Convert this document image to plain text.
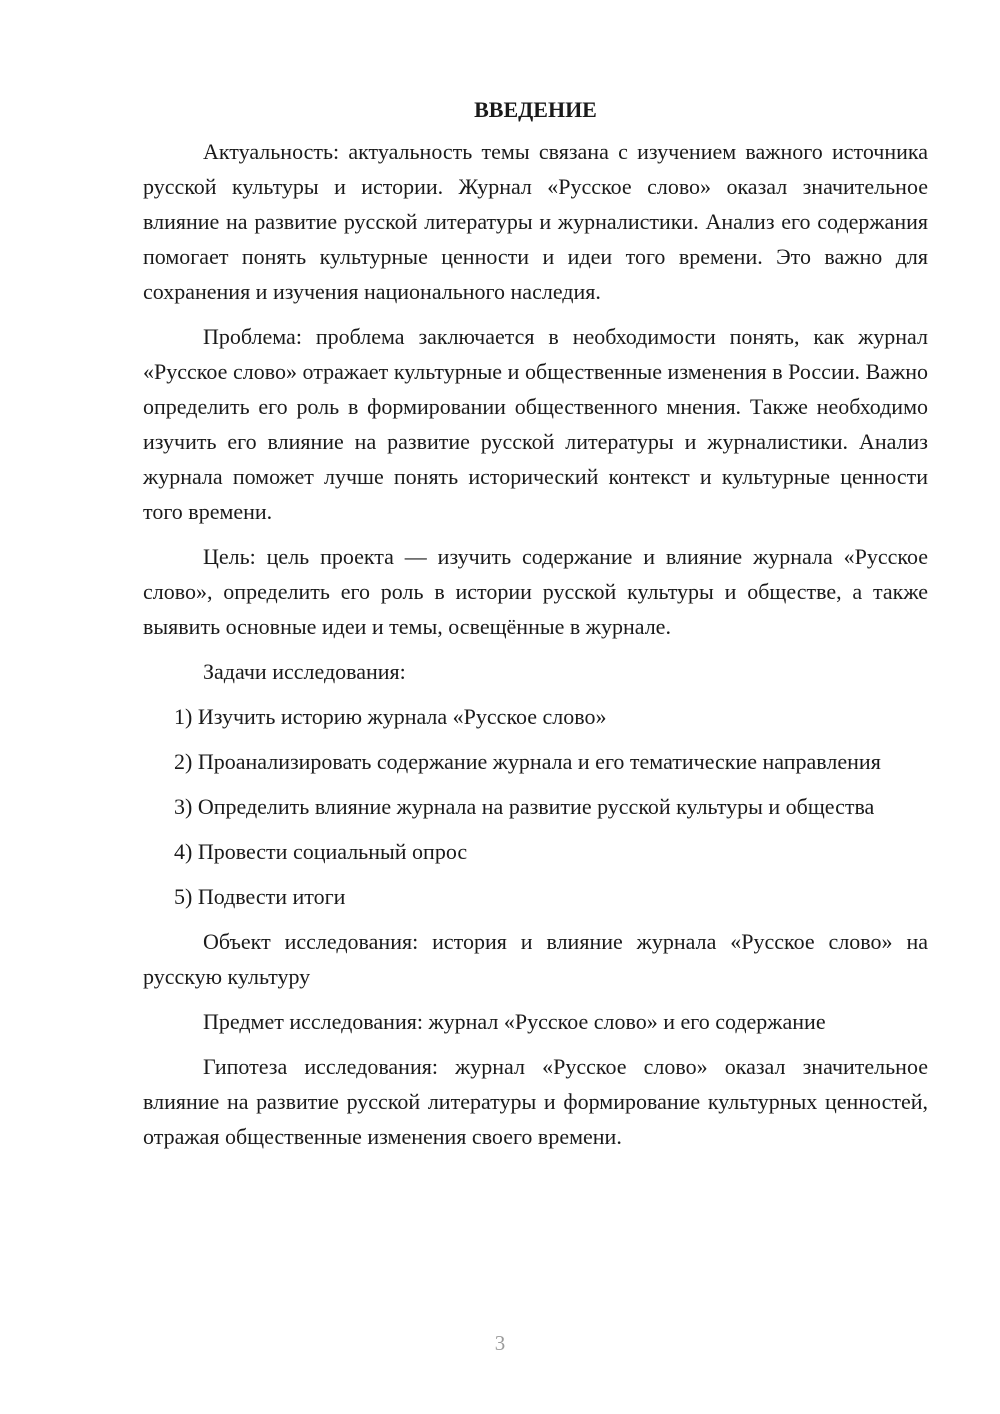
ВВЕДЕНИЕ

Актуальность: актуальность темы связана с изучением важного источника русской культуры и истории. Журнал «Русское слово» оказал значительное влияние на развитие русской литературы и журналистики. Анализ его содержания помогает понять культурные ценности и идеи того времени. Это важно для сохранения и изучения национального наследия.

Проблема: проблема заключается в необходимости понять, как журнал «Русское слово» отражает культурные и общественные изменения в России. Важно определить его роль в формировании общественного мнения. Также необходимо изучить его влияние на развитие русской литературы и журналистики. Анализ журнала поможет лучше понять исторический контекст и культурные ценности того времени.

Цель: цель проекта — изучить содержание и влияние журнала «Русское слово», определить его роль в истории русской культуры и обществе, а также выявить основные идеи и темы, освещённые в журнале.

Задачи исследования:

1) Изучить историю журнала «Русское слово»

2) Проанализировать содержание журнала и его тематические направления

3) Определить влияние журнала на развитие русской культуры и общества

4) Провести социальный опрос

5) Подвести итоги

Объект исследования: история и влияние журнала «Русское слово» на русскую культуру

Предмет исследования: журнал «Русское слово» и его содержание

Гипотеза исследования: журнал «Русское слово» оказал значительное влияние на развитие русской литературы и формирование культурных ценностей, отражая общественные изменения своего времени.

3
